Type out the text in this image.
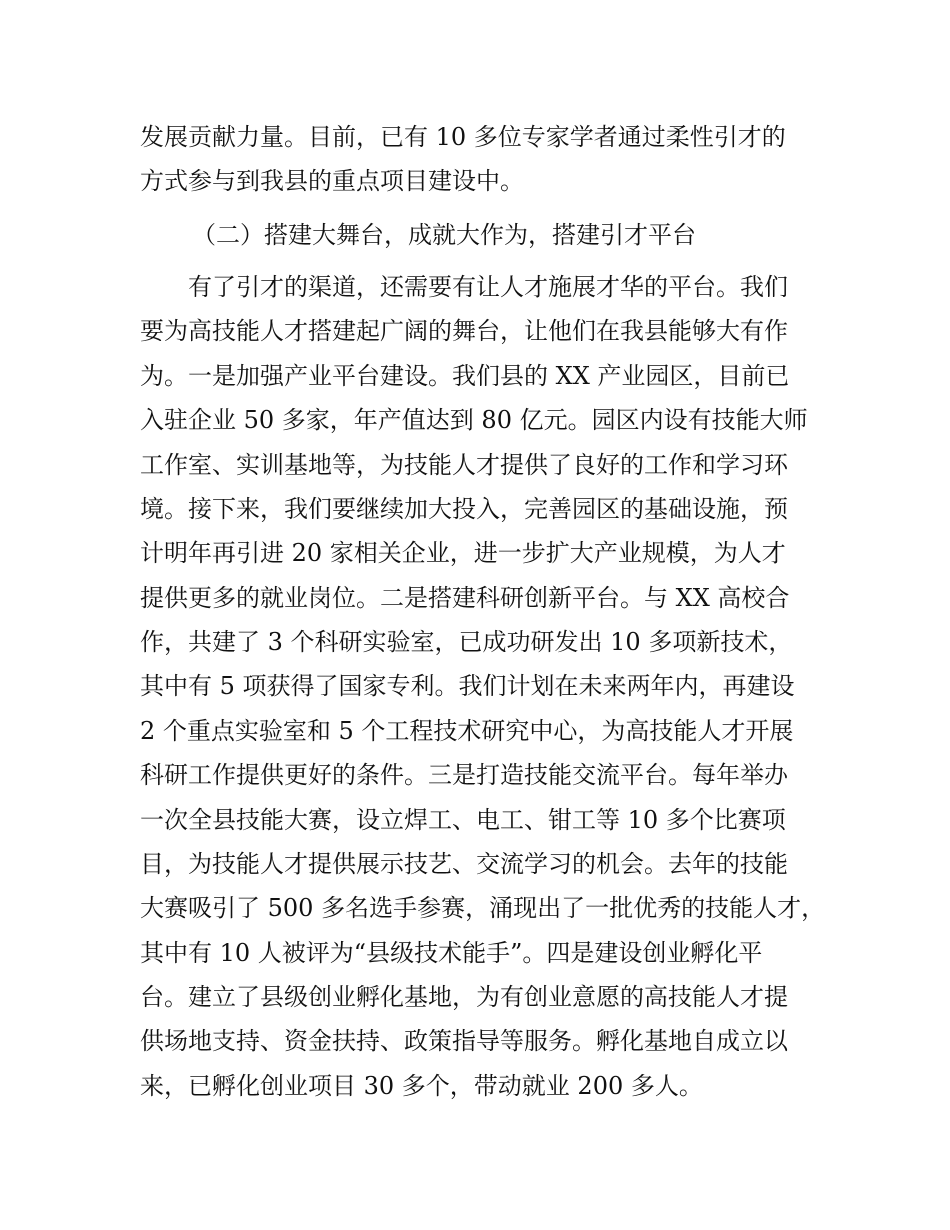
发展贡献力量。目前，已有 10 多位专家学者通过柔性引才的
方式参与到我县的重点项目建设中。
（二）搭建大舞台，成就大作为，搭建引才平台
有了引才的渠道，还需要有让人才施展才华的平台。我们
要为高技能人才搭建起广阔的舞台，让他们在我县能够大有作
为。一是加强产业平台建设。我们县的 XX 产业园区，目前已
入驻企业 50 多家，年产值达到 80 亿元。园区内设有技能大师
工作室、实训基地等，为技能人才提供了良好的工作和学习环
境。接下来，我们要继续加大投入，完善园区的基础设施，预
计明年再引进 20 家相关企业，进一步扩大产业规模，为人才
提供更多的就业岗位。二是搭建科研创新平台。与 XX 高校合
作，共建了 3 个科研实验室，已成功研发出 10 多项新技术，
其中有 5 项获得了国家专利。我们计划在未来两年内，再建设
2 个重点实验室和 5 个工程技术研究中心，为高技能人才开展
科研工作提供更好的条件。三是打造技能交流平台。每年举办
一次全县技能大赛，设立焊工、电工、钳工等 10 多个比赛项
目，为技能人才提供展示技艺、交流学习的机会。去年的技能
大赛吸引了 500 多名选手参赛，涌现出了一批优秀的技能人才，
其中有 10 人被评为“县级技术能手”。四是建设创业孵化平
台。建立了县级创业孵化基地，为有创业意愿的高技能人才提
供场地支持、资金扶持、政策指导等服务。孵化基地自成立以
来，已孵化创业项目 30 多个，带动就业 200 多人。
